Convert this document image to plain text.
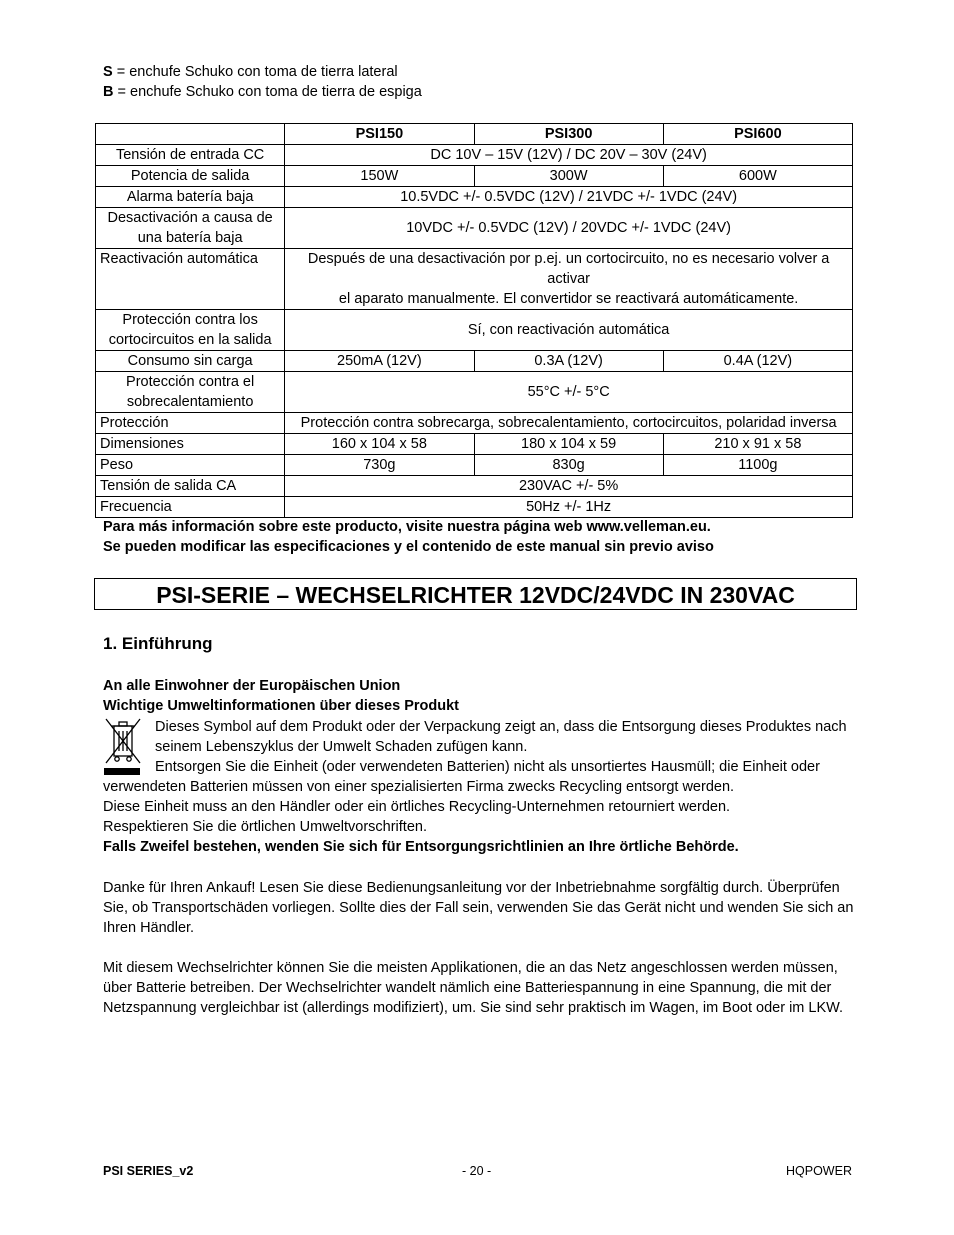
S = enchufe Schuko con toma de tierra lateral
B = enchufe Schuko con toma de tierra de espiga
	PSI150	PSI300	PSI600
Tensión de entrada CC	DC 10V – 15V (12V) / DC 20V – 30V (24V)		
Potencia de salida	150W	300W	600W
Alarma batería baja	10.5VDC +/- 0.5VDC (12V) / 21VDC +/- 1VDC (24V)		

Desactivación a causa de
una batería baja	10VDC +/- 0.5VDC (12V) / 20VDC +/- 1VDC (24V)		
Reactivación automática	Después de una desactivación por p.ej. un cortocircuito, no es necesario volver a activar
el aparato manualmente. El convertidor se reactivará automáticamente.		

Protección contra los
cortocircuitos en la salida	Sí, con reactivación automática		
Consumo sin carga	250mA (12V)	0.3A (12V)	0.4A (12V)

Protección contra el
sobrecalentamiento	55°C +/- 5°C		
Protección	Protección contra sobrecarga, sobrecalentamiento, cortocircuitos, polaridad inversa		
Dimensiones	160 x 104 x 58	180 x 104 x 59	210 x 91 x 58
Peso	730g	830g	1100g
Tensión de salida CA	230VAC +/- 5%		
Frecuencia	50Hz +/- 1Hz		
Para más información sobre este producto, visite nuestra página web www.velleman.eu.
Se pueden modificar las especificaciones y el contenido de este manual sin previo aviso
PSI-SERIE – WECHSELRICHTER 12VDC/24VDC IN 230VAC
1. Einführung
An alle Einwohner der Europäischen Union
Wichtige Umweltinformationen über dieses Produkt
Dieses Symbol auf dem Produkt oder der Verpackung zeigt an, dass die Entsorgung dieses Produktes nach
seinem Lebenszyklus der Umwelt Schaden zufügen kann.
Entsorgen Sie die Einheit (oder verwendeten Batterien) nicht als unsortiertes Hausmüll; die Einheit oder
verwendeten Batterien müssen von einer spezialisierten Firma zwecks Recycling entsorgt werden.
Diese Einheit muss an den Händler oder ein örtliches Recycling-Unternehmen retourniert werden.
Respektieren Sie die örtlichen Umweltvorschriften.
Falls Zweifel bestehen, wenden Sie sich für Entsorgungsrichtlinien an Ihre örtliche Behörde.
Danke für Ihren Ankauf! Lesen Sie diese Bedienungsanleitung vor der Inbetriebnahme sorgfältig durch. Überprüfen
Sie, ob Transportschäden vorliegen. Sollte dies der Fall sein, verwenden Sie das Gerät nicht und wenden Sie sich an
Ihren Händler.
Mit diesem Wechselrichter können Sie die meisten Applikationen, die an das Netz angeschlossen werden müssen,
über Batterie betreiben. Der Wechselrichter wandelt nämlich eine Batteriespannung in eine Spannung, die mit der
Netzspannung vergleichbar ist (allerdings modifiziert), um. Sie sind sehr praktisch im Wagen, im Boot oder im LKW.
PSI SERIES_v2	- 20 -	HQPOWER
